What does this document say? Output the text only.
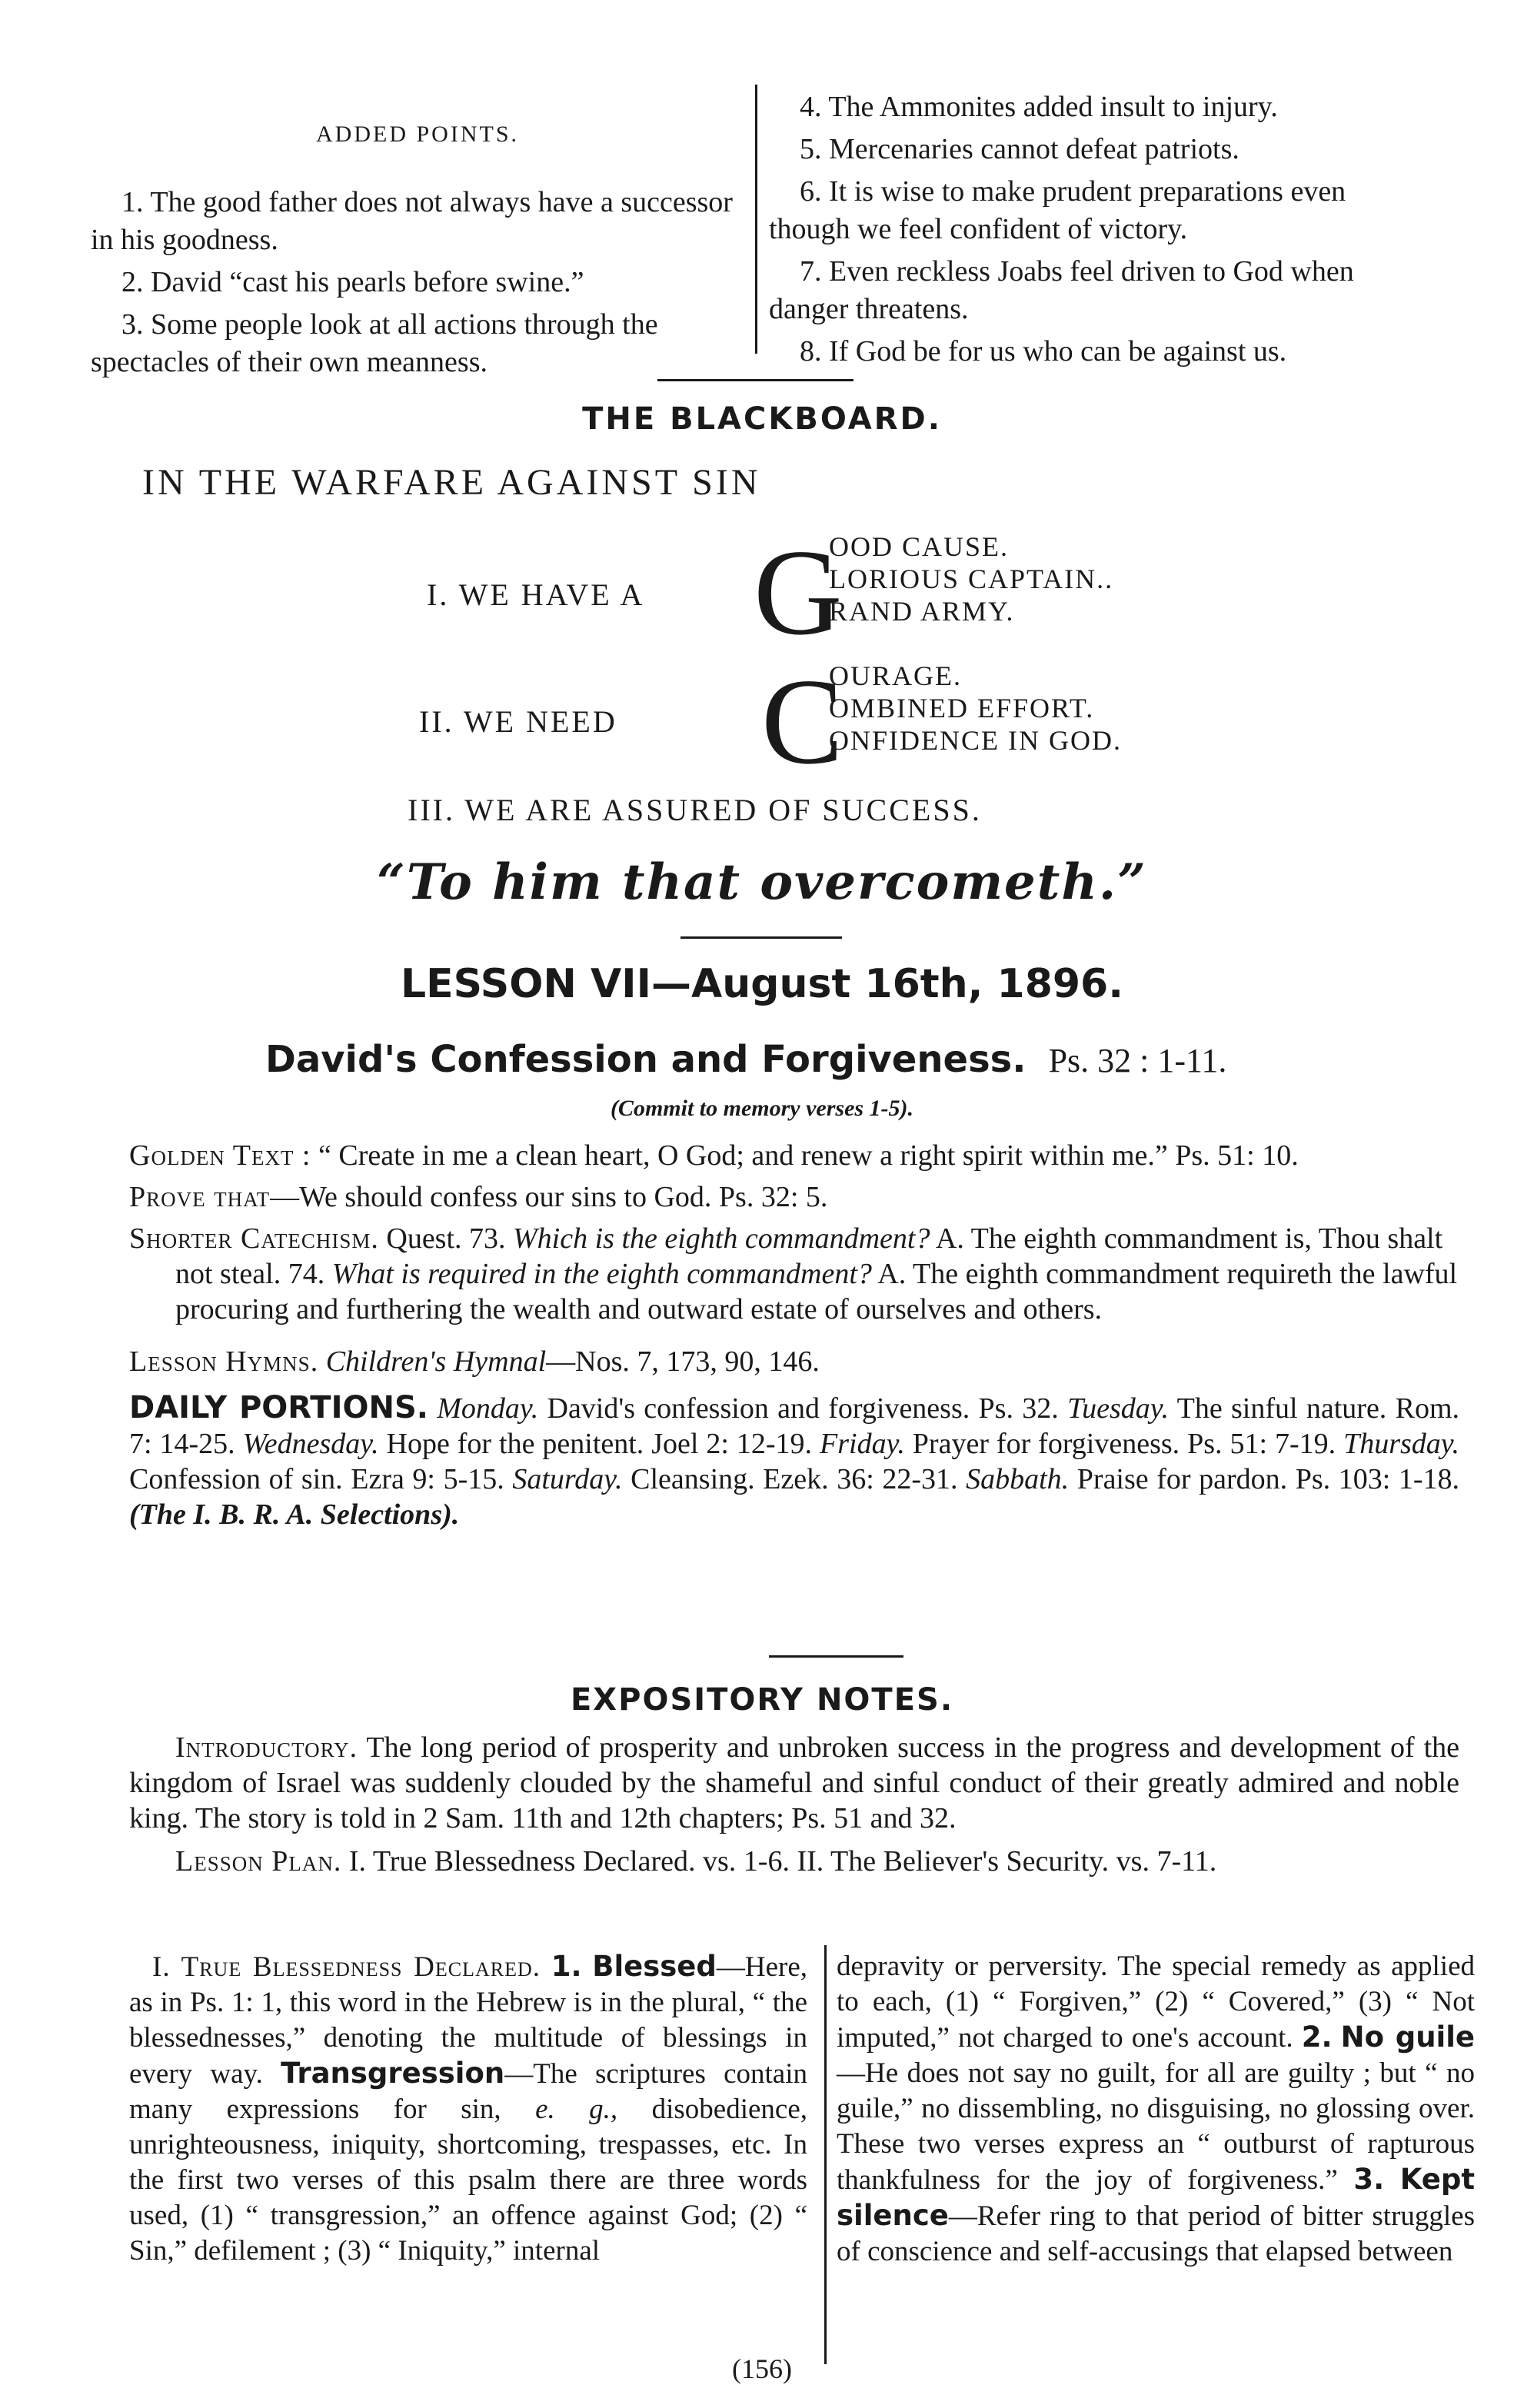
ADDED POINTS.

1. The good father does not always have a successor in his goodness.

2. David “cast his pearls before swine.”

3. Some people look at all actions through the spectacles of their own meanness.

4. The Ammonites added insult to injury.

5. Mercenaries cannot defeat patriots.

6. It is wise to make prudent preparations even though we feel confident of victory.

7. Even reckless Joabs feel driven to God when danger threatens.

8. If God be for us who can be against us.

THE BLACKBOARD.
IN THE WARFARE AGAINST SIN
I. WE HAVE A G
OOD CAUSE.
LORIOUS CAPTAIN..
RAND ARMY.
II. WE NEED C
OURAGE.
OMBINED EFFORT.
ONFIDENCE IN GOD.
III. WE ARE ASSURED OF SUCCESS.
“To him that overcometh.”
LESSON VII—August 16th, 1896.
David's Confession and Forgiveness. Ps. 32 : 1-11.
(Commit to memory verses 1-5).

Golden Text : “ Create in me a clean heart, O God; and renew a right spirit within me.” Ps. 51: 10.

Prove that—We should confess our sins to God. Ps. 32: 5.

Shorter Catechism. Quest. 73. Which is the eighth commandment? A. The eighth commandment is, Thou shalt not steal. 74. What is required in the eighth commandment? A. The eighth commandment requireth the lawful procuring and furthering the wealth and outward estate of ourselves and others.

Lesson Hymns. Children's Hymnal—Nos. 7, 173, 90, 146.

DAILY PORTIONS. Monday. David's confession and forgiveness. Ps. 32. Tuesday. The sinful nature. Rom. 7: 14-25. Wednesday. Hope for the penitent. Joel 2: 12-19. Friday. Prayer for forgiveness. Ps. 51: 7-19. Thursday. Confession of sin. Ezra 9: 5-15. Saturday. Cleansing. Ezek. 36: 22-31. Sabbath. Praise for pardon. Ps. 103: 1-18. (The I. B. R. A. Selections).

EXPOSITORY NOTES.

Introductory. The long period of prosperity and unbroken success in the progress and development of the kingdom of Israel was suddenly clouded by the shameful and sinful conduct of their greatly admired and noble king. The story is told in 2 Sam. 11th and 12th chapters; Ps. 51 and 32.

Lesson Plan. I. True Blessedness Declared. vs. 1-6. II. The Believer's Security. vs. 7-11.

I. True Blessedness Declared. 1. Blessed—Here, as in Ps. 1: 1, this word in the Hebrew is in the plural, “ the blessednesses,” denoting the multitude of blessings in every way. Transgression—The scriptures contain many expressions for sin, e. g., disobedience, unrighteousness, iniquity, shortcoming, trespasses, etc. In the first two verses of this psalm there are three words used, (1) “ transgression,” an offence against God; (2) “ Sin,” defilement ; (3) “ Iniquity,” internal

depravity or perversity. The special remedy as applied to each, (1) “ Forgiven,” (2) “ Covered,” (3) “ Not imputed,” not charged to one's account. 2. No guile—He does not say no guilt, for all are guilty ; but “ no guile,” no dissembling, no disguising, no glossing over. These two verses express an “ outburst of rapturous thankfulness for the joy of forgiveness.” 3. Kept silence—Refer ring to that period of bitter struggles of conscience and self-accusings that elapsed between

(156)
